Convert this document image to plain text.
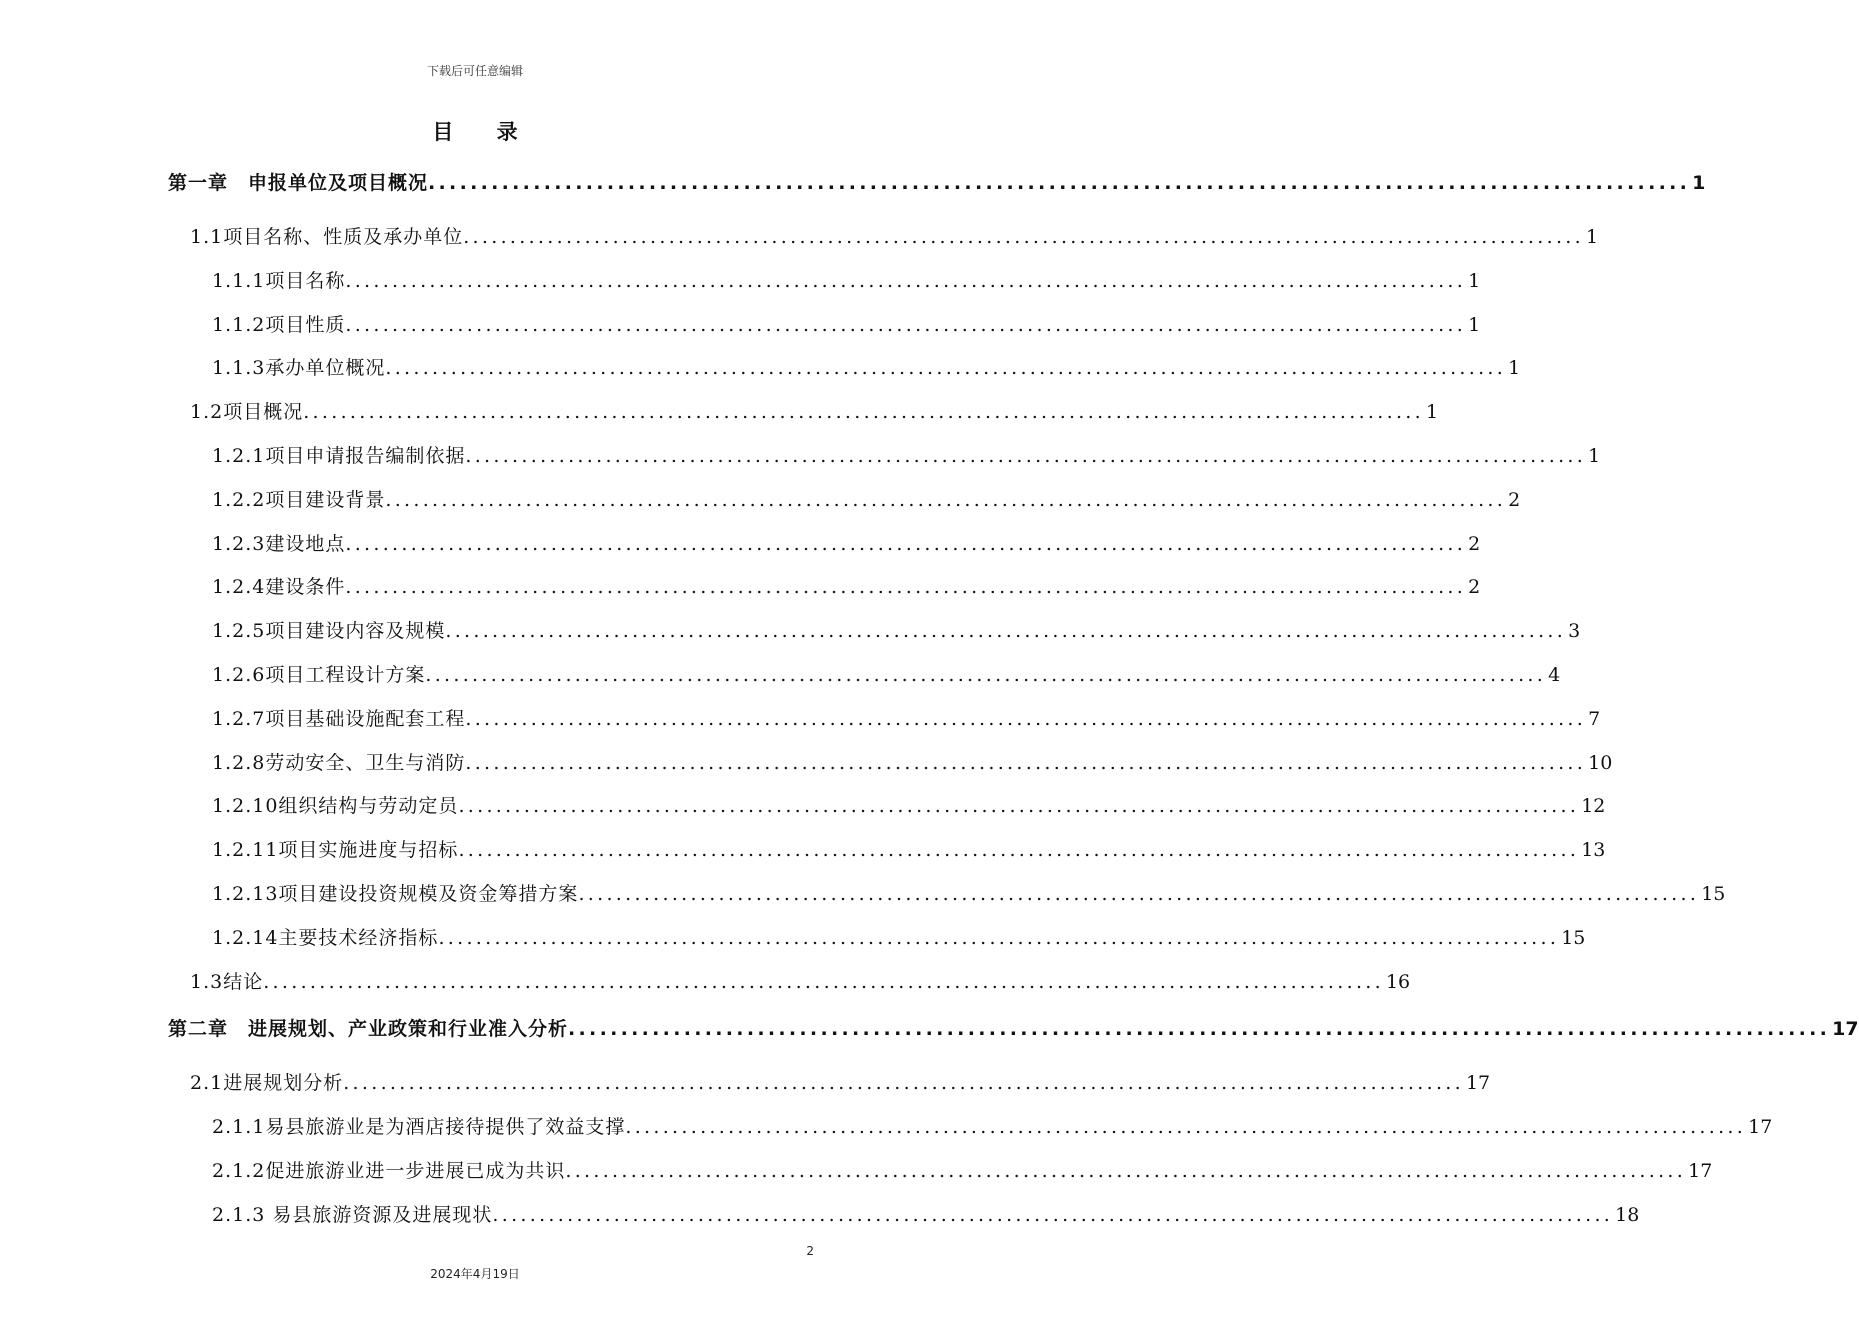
下载后可任意编辑
目 录
第一章　申报单位及项目概况 ........................................................................................................................ 1
1.1项目名称、性质及承办单位 ........................................................................................................................ 1
1.1.1项目名称 ........................................................................................................................ 1
1.1.2项目性质 ........................................................................................................................ 1
1.1.3承办单位概况 ........................................................................................................................ 1
1.2项目概况 ........................................................................................................................ 1
1.2.1项目申请报告编制依据 ........................................................................................................................ 1
1.2.2项目建设背景 ........................................................................................................................ 2
1.2.3建设地点 ........................................................................................................................ 2
1.2.4建设条件 ........................................................................................................................ 2
1.2.5项目建设内容及规模 ........................................................................................................................ 3
1.2.6项目工程设计方案 ........................................................................................................................ 4
1.2.7项目基础设施配套工程 ........................................................................................................................ 7
1.2.8劳动安全、卫生与消防 ........................................................................................................................ 10
1.2.10组织结构与劳动定员 ........................................................................................................................ 12
1.2.11项目实施进度与招标 ........................................................................................................................ 13
1.2.13项目建设投资规模及资金筹措方案 ........................................................................................................................ 15
1.2.14主要技术经济指标 ........................................................................................................................ 15
1.3结论 ........................................................................................................................ 16
第二章　进展规划、产业政策和行业准入分析 ........................................................................................................................ 17
2.1进展规划分析 ........................................................................................................................ 17
2.1.1易县旅游业是为酒店接待提供了效益支撑 ........................................................................................................................ 17
2.1.2促进旅游业进一步进展已成为共识 ........................................................................................................................ 17
2.1.3 易县旅游资源及进展现状 ........................................................................................................................ 18
2
2024年4月19日
